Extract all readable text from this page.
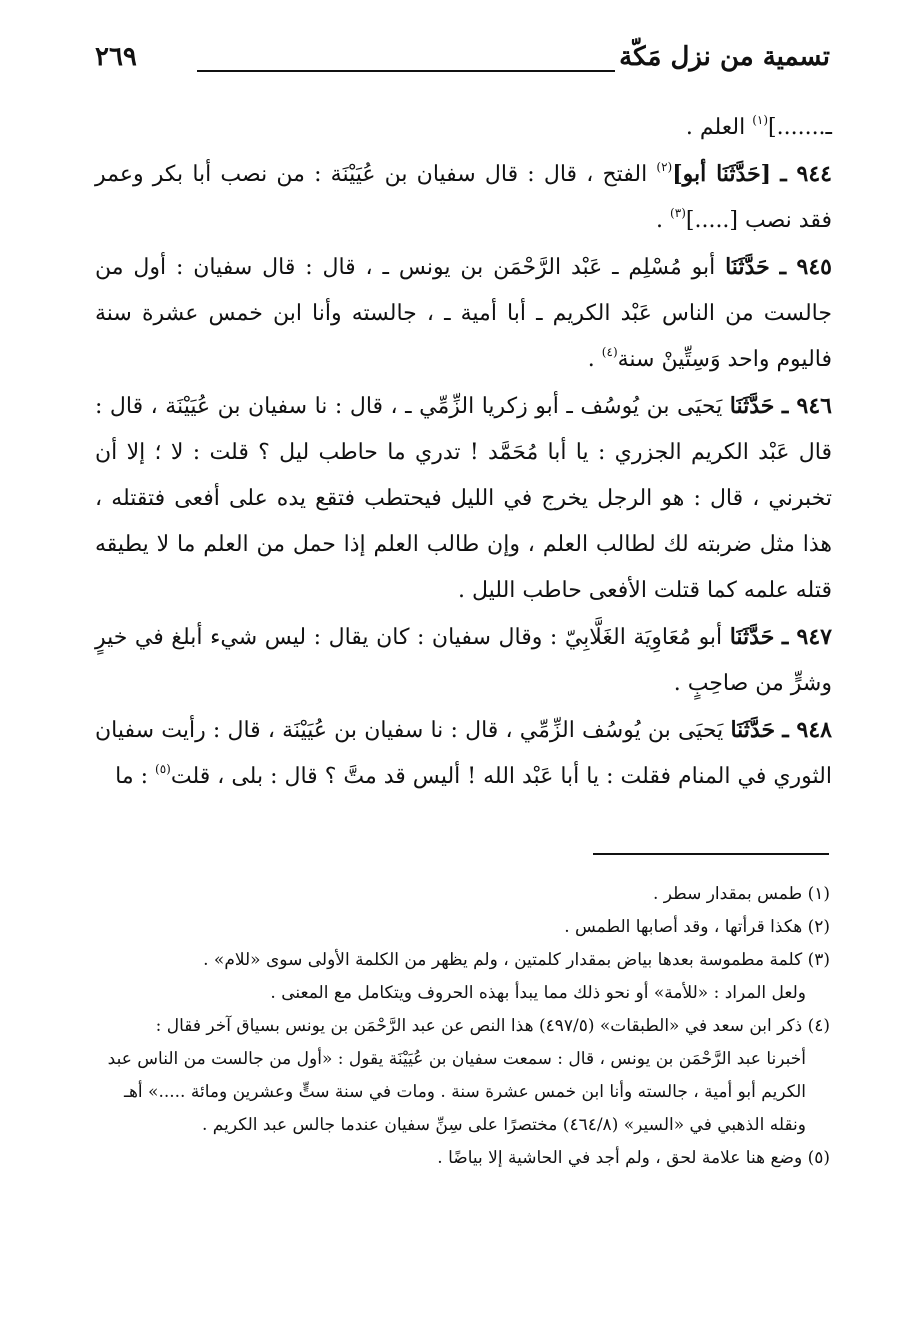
تسمية من نزل مَكّة
٢٦٩

ـ.......]$^{(١)}$ العلم .

٩٤٤ ـ [حَدَّثَنَا أبو]$^{(٢)}$ الفتح ، قال : قال سفيان بن عُيَيْنَة : من نصب أبا بكر وعمر فقد نصب [.....]$^{(٣)}$ .

٩٤٥ ـ حَدَّثَنَا أبو مُسْلِم ـ عَبْد الرَّحْمَن بن يونس ـ ، قال : قال سفيان : أول من جالست من الناس عَبْد الكريم ـ أبا أمية ـ ، جالسته وأنا ابن خمس عشرة سنة فاليوم واحد وَسِتِّينْ سنة$^{(٤)}$ .

٩٤٦ ـ حَدَّثَنَا يَحيَى بن يُوسُف ـ أبو زكريا الزِّمِّي ـ ، قال : نا سفيان بن عُيَيْنَة ، قال : قال عَبْد الكريم الجزري : يا أبا مُحَمَّد ! تدري ما حاطب ليل ؟ قلت : لا ؛ إلا أن تخبرني ، قال : هو الرجل يخرج في الليل فيحتطب فتقع يده على أفعى فتقتله ، هذا مثل ضربته لك لطالب العلم ، وإن طالب العلم إذا حمل من العلم ما لا يطيقه قتله علمه كما قتلت الأفعى حاطب الليل .

٩٤٧ ـ حَدَّثَنَا أبو مُعَاوِيَة الغَلَّابِيّ : وقال سفيان : كان يقال : ليس شيء أبلغ في خيرٍ وشرٍّ من صاحِبٍ .

٩٤٨ ـ حَدَّثَنَا يَحيَى بن يُوسُف الزِّمِّي ، قال : نا سفيان بن عُيَيْنَة ، قال : رأيت سفيان الثوري في المنام فقلت : يا أبا عَبْد الله ! أليس قد متَّ ؟ قال : بلى ، قلت$^{(٥)}$ : ما

(١) طمس بمقدار سطر .

(٢) هكذا قرأتها ، وقد أصابها الطمس .

(٣) كلمة مطموسة بعدها بياض بمقدار كلمتين ، ولم يظهر من الكلمة الأولى سوى «للام» .

ولعل المراد : «للأمة» أو نحو ذلك مما يبدأ بهذه الحروف ويتكامل مع المعنى .

(٤) ذكر ابن سعد في «الطبقات» (٤٩٧/٥) هذا النص عن عبد الرَّحْمَن بن يونس بسياق آخر فقال :

أخبرنا عبد الرَّحْمَن بن يونس ، قال : سمعت سفيان بن عُيَيْنَة يقول : «أول من جالست من الناس عبد الكريم أبو أمية ، جالسته وأنا ابن خمس عشرة سنة . ومات في سنة ستٍّ وعشرين ومائة .....» أهـ

ونقله الذهبي في «السير» (٤٦٤/٨) مختصرًا على سِنِّ سفيان عندما جالس عبد الكريم .

(٥) وضع هنا علامة لحق ، ولم أجد في الحاشية إلا بياضًا .
